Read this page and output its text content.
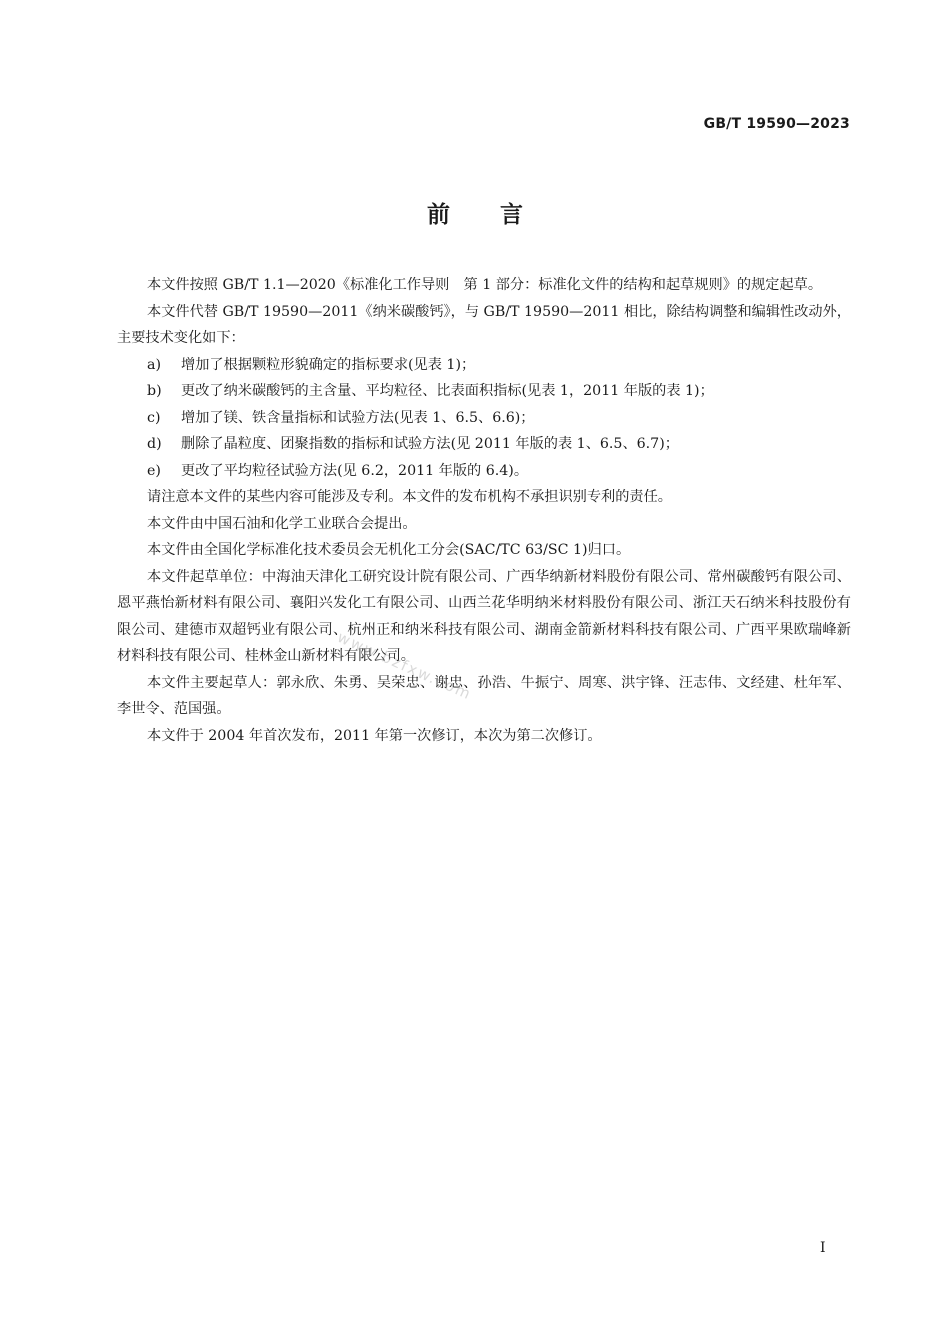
GB/T 19590—2023
前言

本文件按照 GB/T 1.1—2020《标准化工作导则　第 1 部分：标准化文件的结构和起草规则》的规定起草。

本文件代替 GB/T 19590—2011《纳米碳酸钙》，与 GB/T 19590—2011 相比，除结构调整和编辑性改动外，主要技术变化如下：

a) 增加了根据颗粒形貌确定的指标要求(见表 1)；

b) 更改了纳米碳酸钙的主含量、平均粒径、比表面积指标(见表 1，2011 年版的表 1)；

c) 增加了镁、铁含量指标和试验方法(见表 1、6.5、6.6)；

d) 删除了晶粒度、团聚指数的指标和试验方法(见 2011 年版的表 1、6.5、6.7)；

e) 更改了平均粒径试验方法(见 6.2，2011 年版的 6.4)。

请注意本文件的某些内容可能涉及专利。本文件的发布机构不承担识别专利的责任。

本文件由中国石油和化学工业联合会提出。

本文件由全国化学标准化技术委员会无机化工分会(SAC/TC 63/SC 1)归口。

本文件起草单位：中海油天津化工研究设计院有限公司、广西华纳新材料股份有限公司、常州碳酸钙有限公司、恩平燕怡新材料有限公司、襄阳兴发化工有限公司、山西兰花华明纳米材料股份有限公司、浙江天石纳米科技股份有限公司、建德市双超钙业有限公司、杭州正和纳米科技有限公司、湖南金箭新材料科技有限公司、广西平果欧瑞峰新材料科技有限公司、桂林金山新材料有限公司。

本文件主要起草人：郭永欣、朱勇、吴荣忠、谢忠、孙浩、牛振宁、周寒、洪宇锋、汪志伟、文经建、杜年军、李世令、范国强。

本文件于 2004 年首次发布，2011 年第一次修订，本次为第二次修订。

www.bzfxw.com
I
